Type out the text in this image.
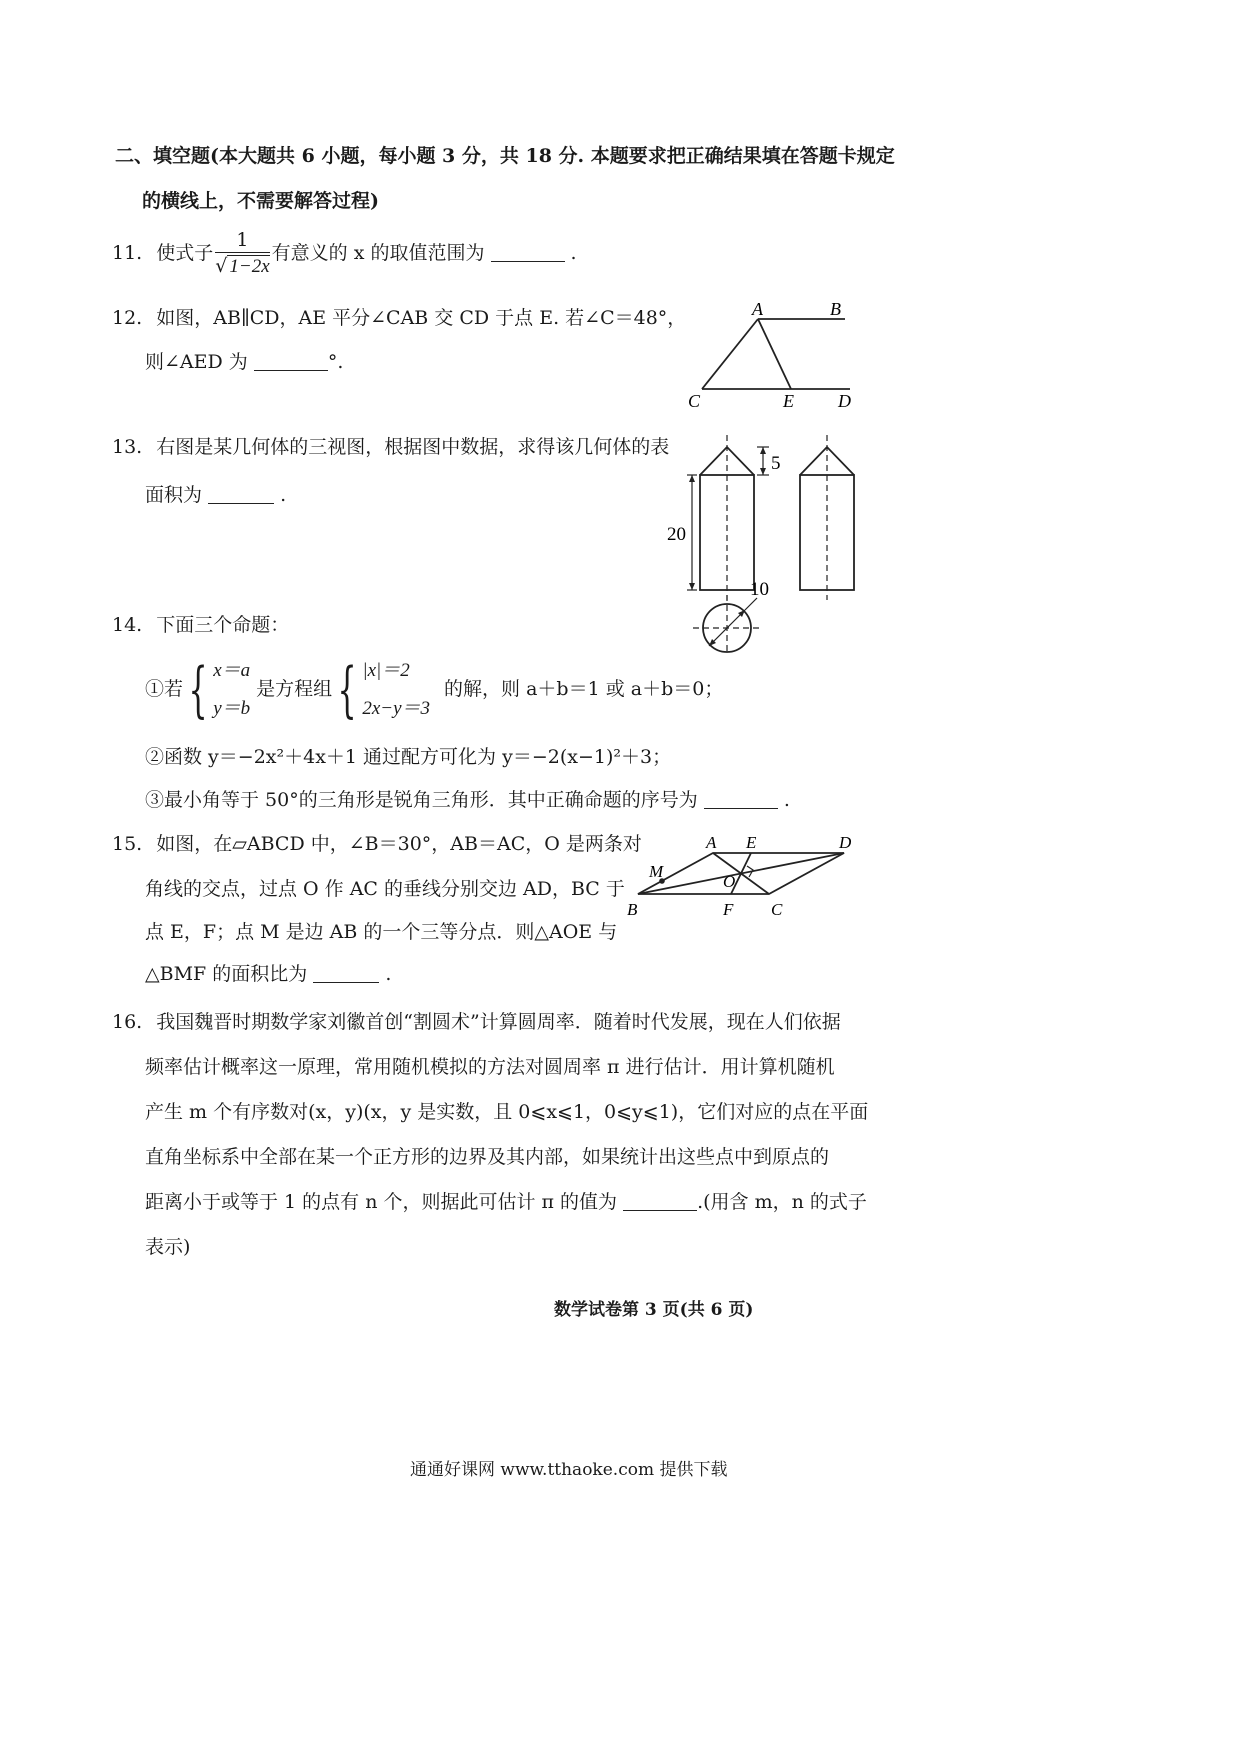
二、填空题(本大题共 6 小题，每小题 3 分，共 18 分. 本题要求把正确结果填在答题卡规定
的横线上，不需要解答过程)
11. 使式子 $\frac{1}{√ 1-2x}$ 有意义的 x 的取值范围为	.
12. 如图，AB∥CD，AE 平分∠CAB 交 CD 于点 E. 若∠C＝48°，
则∠AED 为	°.
A	B
C	E D
13. 右图是某几何体的三视图，根据图中数据，求得该几何体的表
面积为	.
5
20
10
14. 下面三个命题：
①若{ x＝a
y＝b
是方程组{ |x|＝2
2x−y＝3
的解，则 a＋b＝1 或 a＋b＝0；
②函数 y＝−2x²＋4x＋1 通过配方可化为 y＝−2(x−1)²＋3；
③最小角等于 50°的三角形是锐角三角形．其中正确命题的序号为	.
15. 如图，在▱ABCD 中，∠B＝30°，AB＝AC，O 是两条对
角线的交点，过点 O 作 AC 的垂线分别交边 AD，BC 于
点 E，F；点 M 是边 AB 的一个三等分点．则△AOE 与
△BMF 的面积比为	.
A E	D
M
O
B	F C
16. 我国魏晋时期数学家刘徽首创“割圆术”计算圆周率．随着时代发展，现在人们依据
频率估计概率这一原理，常用随机模拟的方法对圆周率 π 进行估计．用计算机随机
产生 m 个有序数对(x，y)(x，y 是实数，且 0⩽x⩽1，0⩽y⩽1)，它们对应的点在平面
直角坐标系中全部在某一个正方形的边界及其内部，如果统计出这些点中到原点的
距离小于或等于 1 的点有 n 个，则据此可估计 π 的值为	.(用含 m，n 的式子
表示)
数学试卷第 3 页(共 6 页)
通通好课网 www.tthaoke.com 提供下载
